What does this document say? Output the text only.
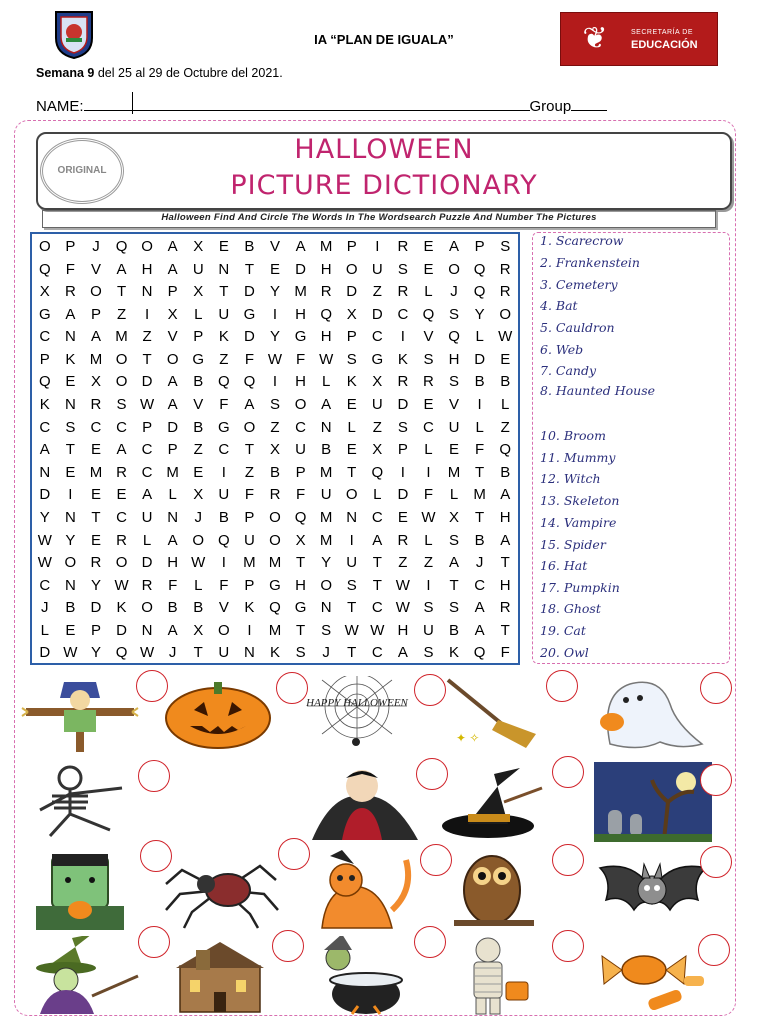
IA “PLAN DE IGUALA”	❦	SECRETARÍA DE
EDUCACIÓN
Semana 9 del 25 al 29 de Octubre del 2021.
NAME:	Group
ORIGINAL
HALLOWEEN
PICTURE DICTIONARY
Halloween Find And Circle The Words In The Wordsearch Puzzle And Number The Pictures
O P	J	Q O A	X	E	B	V	A M P	I	R	E	A	P	S
Q	F	V	A	H	A	U N	T	E	D H O U	S	E O Q R
X	R O	T	N	P	X	T	D	Y M R D	Z	R	L	J	Q R
G A	P	Z	I	X	L	U G	I	H Q X	D C Q S	Y O
C N	A M Z	V	P	K	D	Y G H	P	C	I	V Q	L W
P	K M O	T	O G	Z	F W F W S G K	S	H D	E
Q E	X O D	A	B Q Q	I	H	L	K	X	R R	S	B	B
K	N R	S W A	V	F	A	S O A	E	U D	E	V	I	L
C	S	C C	P	D	B G O	Z	C N	L	Z	S	C U	L	Z
A	T	E	A	C	P	Z	C	T	X	U	B	E	X	P	L	E	F	Q
N	E M R C M E	I	Z	B	P M T	Q	I	I	M T	B
D	I	E	E	A	L	X	U	F	R	F	U O	L	D	F	L	M A
Y	N	T	C U N	J	B	P O Q M N C	E W X	T	H
W Y	E	R	L	A O Q U O X M	I	A	R	L	S	B	A
W O R O D H W	I	M M T	Y	U	T	Z	Z	A	J	T
C N	Y W R	F	L	F	P G H O S	T W	I	T	C H
J	B	D	K O B	B	V	K Q G N	T	C W S	S	A	R
L	E	P	D N	A	X O	I	M T	S W W H U	B	A	T
D W Y Q W J	T	U N	K	S	J	T	C	A	S	K Q	F
1. Scarecrow
2. Frankenstein
3. Cemetery
4. Bat
5. Cauldron
6. Web
7. Candy
8. Haunted House
10. Broom
11. Mummy
12. Witch
13. Skeleton
14. Vampire
15. Spider
16. Hat
17. Pumpkin
18. Ghost
19. Cat
20. Owl
HAPPY HALLOWEEN
✦ ✧
